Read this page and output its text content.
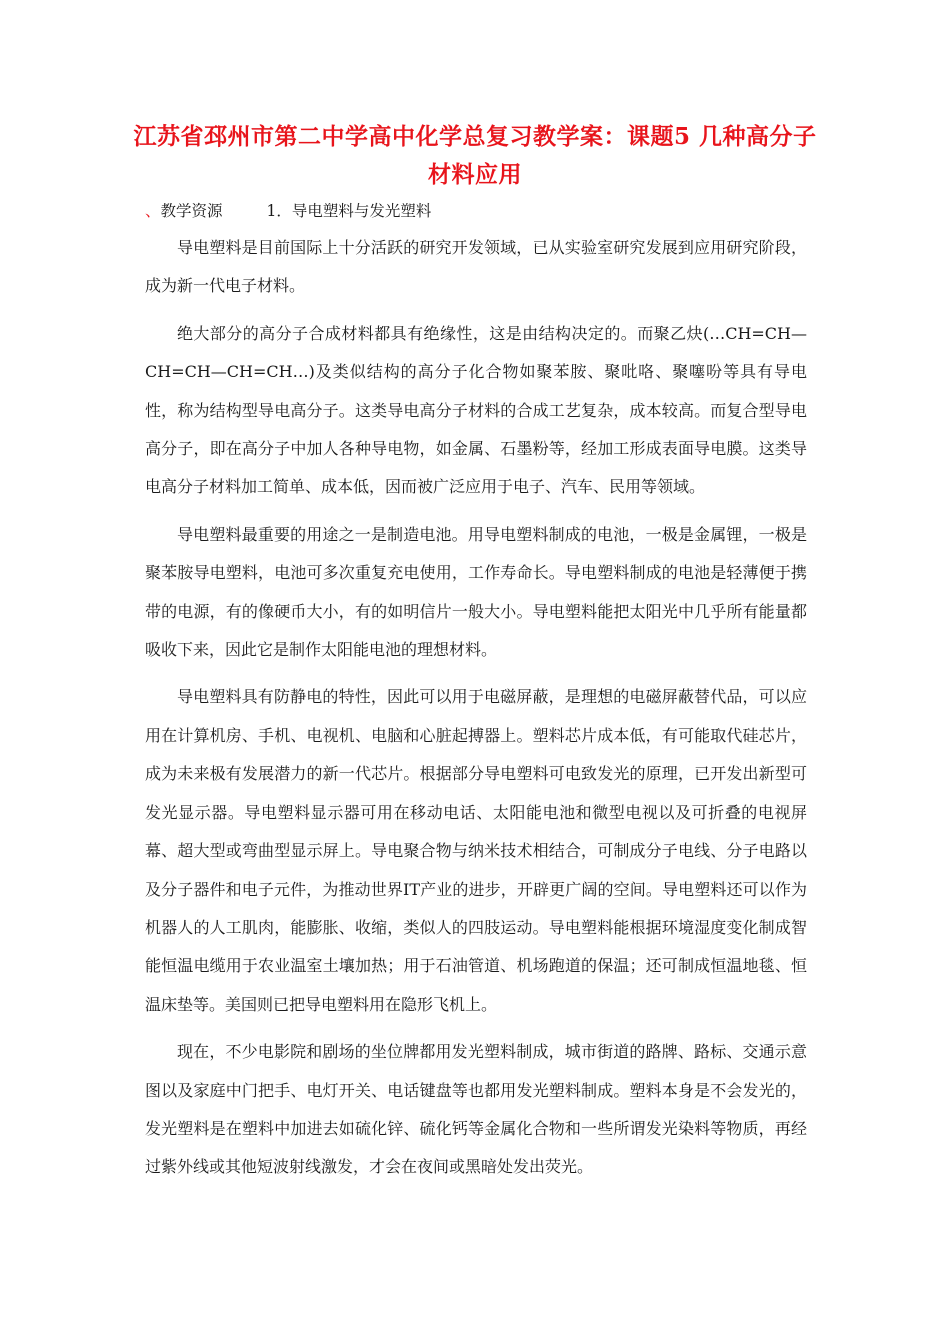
江苏省邳州市第二中学高中化学总复习教学案：课题5 几种高分子
材料应用
、教学资源	1．导电塑料与发光塑料

导电塑料是目前国际上十分活跃的研究开发领域，已从实验室研究发展到应用研究阶段，成为新一代电子材料。

绝大部分的高分子合成材料都具有绝缘性，这是由结构决定的。而聚乙炔(…CH=CH—CH=CH—CH=CH…)及类似结构的高分子化合物如聚苯胺、聚吡咯、聚噻吩等具有导电性，称为结构型导电高分子。这类导电高分子材料的合成工艺复杂，成本较高。而复合型导电高分子，即在高分子中加人各种导电物，如金属、石墨粉等，经加工形成表面导电膜。这类导电高分子材料加工简单、成本低，因而被广泛应用于电子、汽车、民用等领域。

导电塑料最重要的用途之一是制造电池。用导电塑料制成的电池，一极是金属锂，一极是聚苯胺导电塑料，电池可多次重复充电使用，工作寿命长。导电塑料制成的电池是轻薄便于携带的电源，有的像硬币大小，有的如明信片一般大小。导电塑料能把太阳光中几乎所有能量都吸收下来，因此它是制作太阳能电池的理想材料。

导电塑料具有防静电的特性，因此可以用于电磁屏蔽，是理想的电磁屏蔽替代品，可以应用在计算机房、手机、电视机、电脑和心脏起搏器上。塑料芯片成本低，有可能取代硅芯片，成为未来极有发展潜力的新一代芯片。根据部分导电塑料可电致发光的原理，已开发出新型可发光显示器。导电塑料显示器可用在移动电话、太阳能电池和微型电视以及可折叠的电视屏幕、超大型或弯曲型显示屏上。导电聚合物与纳米技术相结合，可制成分子电线、分子电路以及分子器件和电子元件，为推动世界IT产业的进步，开辟更广阔的空间。导电塑料还可以作为机器人的人工肌肉，能膨胀、收缩，类似人的四肢运动。导电塑料能根据环境湿度变化制成智能恒温电缆用于农业温室土壤加热；用于石油管道、机场跑道的保温；还可制成恒温地毯、恒温床垫等。美国则已把导电塑料用在隐形飞机上。

现在，不少电影院和剧场的坐位牌都用发光塑料制成，城市街道的路牌、路标、交通示意图以及家庭中门把手、电灯开关、电话键盘等也都用发光塑料制成。塑料本身是不会发光的，发光塑料是在塑料中加进去如硫化锌、硫化钙等金属化合物和一些所谓发光染料等物质，再经过紫外线或其他短波射线激发，才会在夜间或黑暗处发出荧光。
